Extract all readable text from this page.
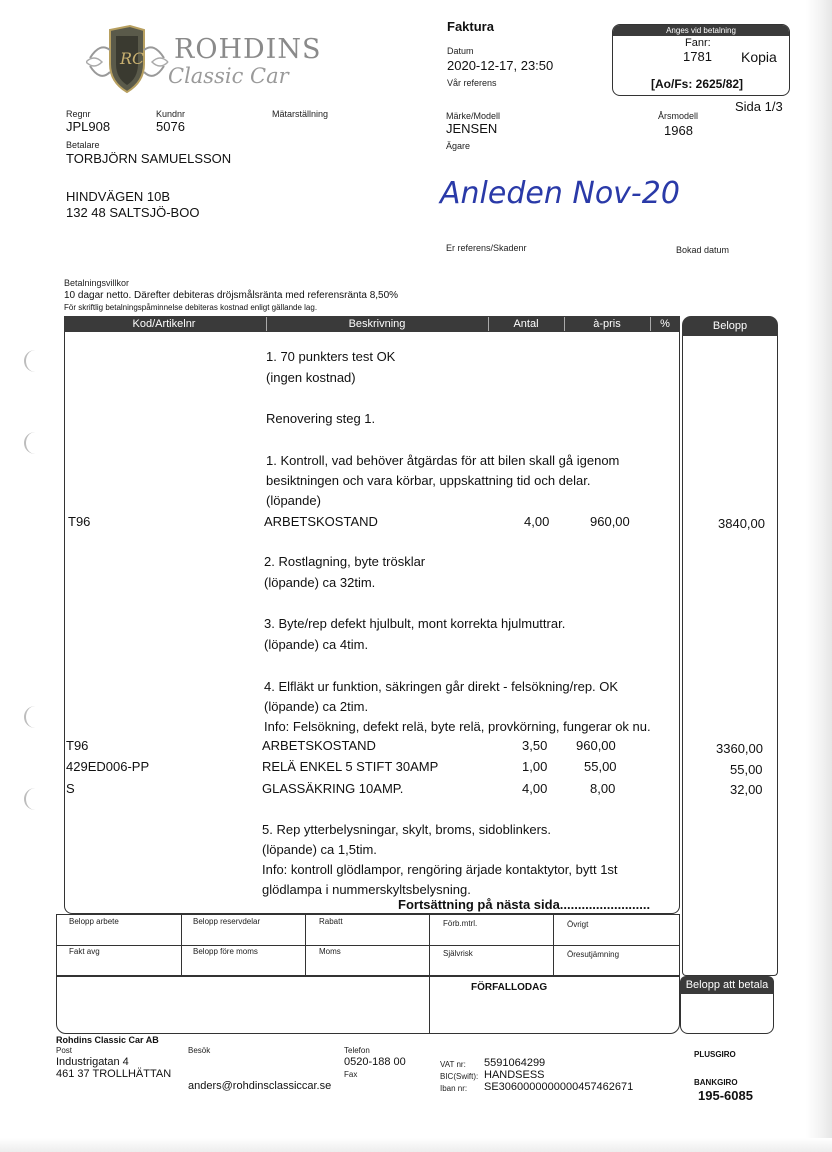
RC ROHDINS
Classic Car
Faktura
Datum
2020-12-17, 23:50
Vår referens
Anges vid betalning
Fanr:
1781 Kopia
[Ao/Fs: 2625/82]
Sida 1/3
Regnr
JPL908
Kundnr
5076
Mätarställning	Märke/Modell
JENSEN
Ägare
Årsmodell
1968
Betalare
TORBJÖRN SAMUELSSON
HINDVÄGEN 10B
132 48 SALTSJÖ-BOO
Anleden Nov-20
Er referens/Skadenr	Bokad datum
Betalningsvillkor
10 dagar netto. Därefter debiteras dröjsmålsränta med referensränta 8,50%
För skriftlig betalningspåminnelse debiteras kostnad enligt gällande lag.
Kod/Artikelnr	Beskrivning	Antal	à-pris	%	Belopp
1. 70 punkters test OK
(ingen kostnad)
Renovering steg 1.
1. Kontroll, vad behöver åtgärdas för att bilen skall gå igenom
besiktningen och vara körbar, uppskattning tid och delar.
(löpande)
T96	ARBETSKOSTAND	4,00	960,00	3840,00
2. Rostlagning, byte trösklar
(löpande) ca 32tim.
3. Byte/rep defekt hjulbult, mont korrekta hjulmuttrar.
(löpande) ca 4tim.
4. Elfläkt ur funktion, säkringen går direkt - felsökning/rep. OK
(löpande) ca 2tim.
Info: Felsökning, defekt relä, byte relä, provkörning, fungerar ok nu.
T96	ARBETSKOSTAND	3,50 960,00	3360,00
429ED006-PP	RELÄ ENKEL 5 STIFT 30AMP	1,00	55,00	55,00
S	GLASSÄKRING 10AMP.	4,00	8,00	32,00
5. Rep ytterbelysningar, skylt, broms, sidoblinkers.
(löpande) ca 1,5tim.
Info: kontroll glödlampor, rengöring ärjade kontaktytor, bytt 1st
glödlampa i nummerskyltsbelysning.
Fortsättning på nästa sida.........................
Belopp arbete	Belopp reservdelar	Rabatt	Förb.mtrl.	Övrigt
Fakt avg	Belopp före moms	Moms	Självrisk	Öresutjämning
FÖRFALLODAG	Belopp att betala
Rohdins Classic Car AB
Post
Industrigatan 4
461 37 TROLLHÄTTAN
Besök
anders@rohdinsclassiccar.se
Telefon
0520-188 00
Fax
VAT nr: 5591064299
BIC(Swift): HANDSESS
Iban nr: SE3060000000000457462671
PLUSGIRO
BANKGIRO
195-6085
